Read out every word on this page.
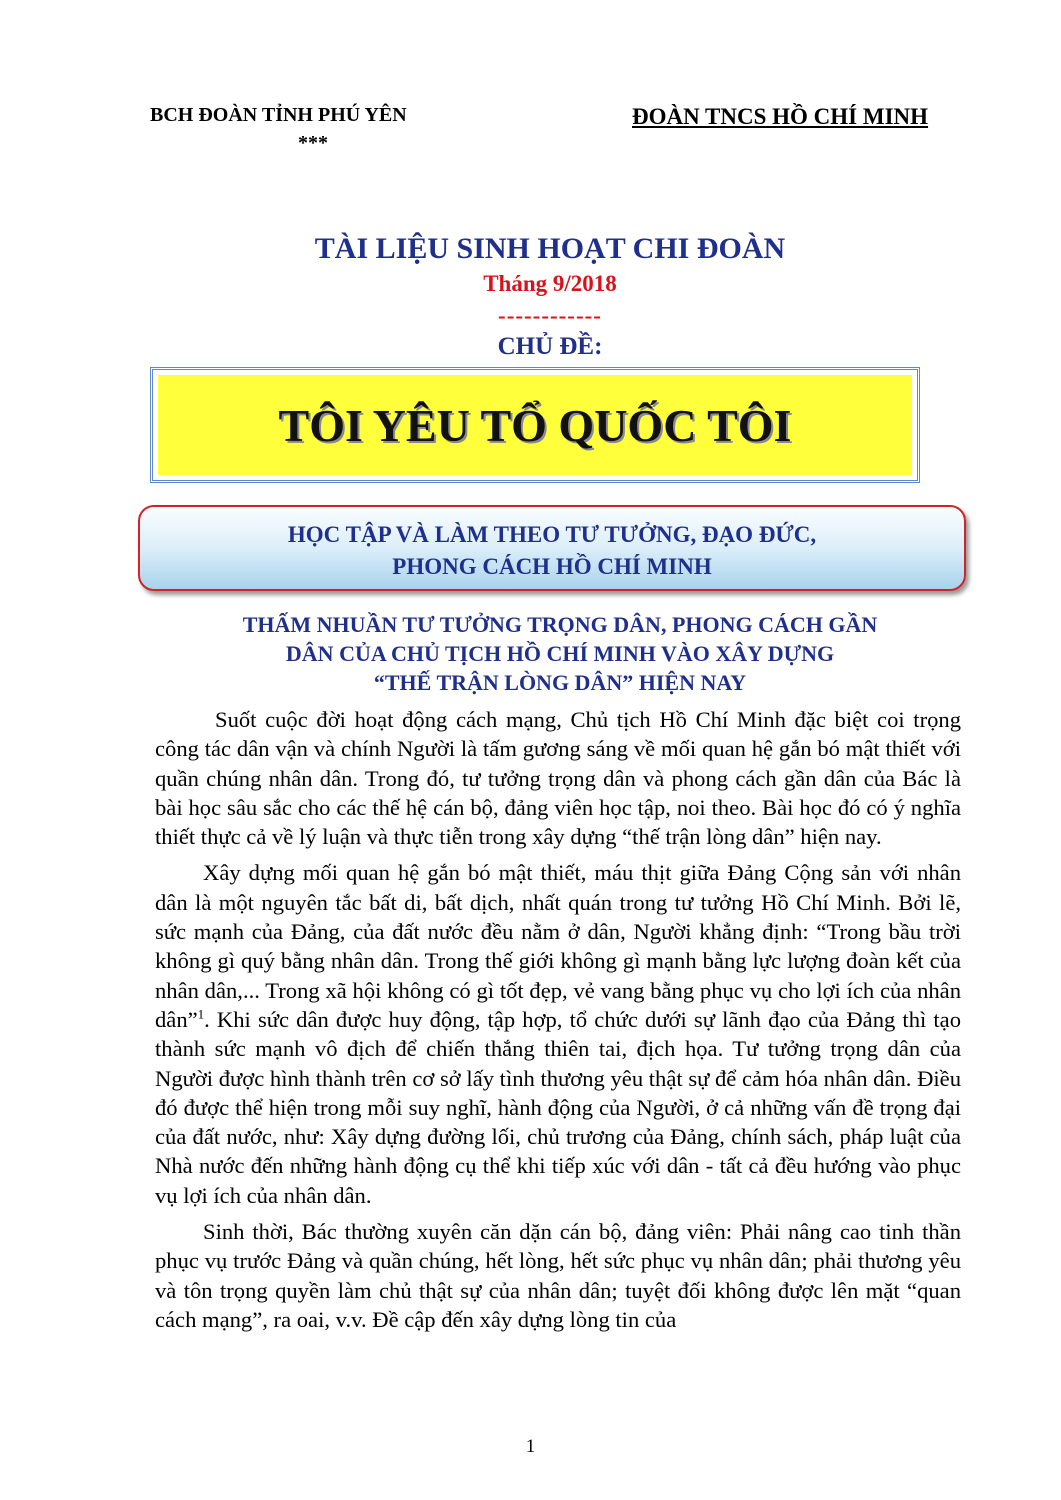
BCH ĐOÀN TỈNH PHÚ YÊN
***
ĐOÀN TNCS HỒ CHÍ MINH
TÀI LIỆU SINH HOẠT CHI ĐOÀN
Tháng 9/2018
------------
CHỦ ĐỀ:
TÔI YÊU TỔ QUỐC TÔI
HỌC TẬP VÀ LÀM THEO TƯ TƯỞNG, ĐẠO ĐỨC,
PHONG CÁCH HỒ CHÍ MINH
THẤM NHUẦN TƯ TƯỞNG TRỌNG DÂN, PHONG CÁCH GẦN
DÂN CỦA CHỦ TỊCH HỒ CHÍ MINH VÀO XÂY DỰNG
“THẾ TRẬN LÒNG DÂN” HIỆN NAY

Suốt cuộc đời hoạt động cách mạng, Chủ tịch Hồ Chí Minh đặc biệt coi trọng công tác dân vận và chính Người là tấm gương sáng về mối quan hệ gắn bó mật thiết với quần chúng nhân dân. Trong đó, tư tưởng trọng dân và phong cách gần dân của Bác là bài học sâu sắc cho các thế hệ cán bộ, đảng viên học tập, noi theo. Bài học đó có ý nghĩa thiết thực cả về lý luận và thực tiễn trong xây dựng “thế trận lòng dân” hiện nay.

Xây dựng mối quan hệ gắn bó mật thiết, máu thịt giữa Đảng Cộng sản với nhân dân là một nguyên tắc bất di, bất dịch, nhất quán trong tư tưởng Hồ Chí Minh. Bởi lẽ, sức mạnh của Đảng, của đất nước đều nằm ở dân, Người khẳng định: “Trong bầu trời không gì quý bằng nhân dân. Trong thế giới không gì mạnh bằng lực lượng đoàn kết của nhân dân,... Trong xã hội không có gì tốt đẹp, vẻ vang bằng phục vụ cho lợi ích của nhân dân”$^1$. Khi sức dân được huy động, tập hợp, tổ chức dưới sự lãnh đạo của Đảng thì tạo thành sức mạnh vô địch để chiến thắng thiên tai, địch họa. Tư tưởng trọng dân của Người được hình thành trên cơ sở lấy tình thương yêu thật sự để cảm hóa nhân dân. Điều đó được thể hiện trong mỗi suy nghĩ, hành động của Người, ở cả những vấn đề trọng đại của đất nước, như: Xây dựng đường lối, chủ trương của Đảng, chính sách, pháp luật của Nhà nước đến những hành động cụ thể khi tiếp xúc với dân - tất cả đều hướng vào phục vụ lợi ích của nhân dân.

Sinh thời, Bác thường xuyên căn dặn cán bộ, đảng viên: Phải nâng cao tinh thần phục vụ trước Đảng và quần chúng, hết lòng, hết sức phục vụ nhân dân; phải thương yêu và tôn trọng quyền làm chủ thật sự của nhân dân; tuyệt đối không được lên mặt “quan cách mạng”, ra oai, v.v. Đề cập đến xây dựng lòng tin của

1
